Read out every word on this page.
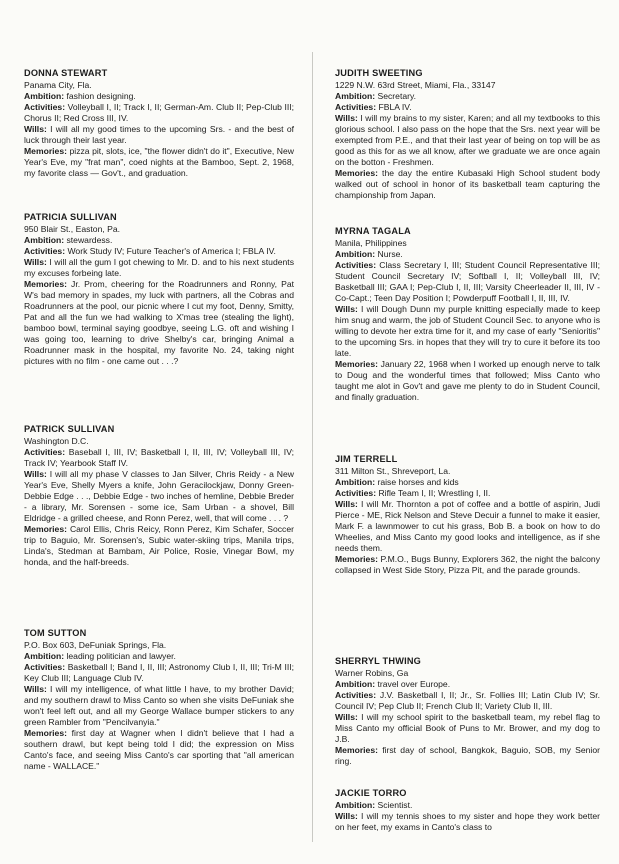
DONNA STEWART
Panama City, Fla.
Ambition: fashion designing.
Activities: Volleyball I, II; Track I, II; German-Am. Club II; Pep-Club III; Chorus II; Red Cross III, IV.
Wills: I will all my good times to the upcoming Srs. - and the best of luck through their last year.
Memories: pizza pit, slots, ice, "the flower didn't do it", Executive, New Year's Eve, my "frat man", coed nights at the Bamboo, Sept. 2, 1968, my favorite class — Gov't., and graduation.
PATRICIA SULLIVAN
950 Blair St., Easton, Pa.
Ambition: stewardess.
Activities: Work Study IV; Future Teacher's of America I; FBLA IV.
Wills: I will all the gum I got chewing to Mr. D. and to his next students my excuses forbeing late.
Memories: Jr. Prom, cheering for the Roadrunners and Ronny, Pat W's bad memory in spades, my luck with partners, all the Cobras and Roadrunners at the pool, our picnic where I cut my foot, Denny, Smitty, Pat and all the fun we had walking to X'mas tree (stealing the light), bamboo bowl, terminal saying goodbye, seeing L.G. oft and wishing I was going too, learning to drive Shelby's car, bringing Animal a Roadrunner mask in the hospital, my favorite No. 24, taking night pictures with no film - one came out . . .?
PATRICK SULLIVAN
Washington D.C.
Activities: Baseball I, III, IV; Basketball I, II, III, IV; Volleyball III, IV; Track IV; Yearbook Staff IV.
Wills: I will all my phase V classes to Jan Silver, Chris Reidy - a New Year's Eve, Shelly Myers a knife, John Geracilockjaw, Donny Green-Debbie Edge . . ., Debbie Edge - two inches of hemline, Debbie Breder - a library, Mr. Sorensen - some ice, Sam Urban - a shovel, Bill Eldridge - a grilled cheese, and Ronn Perez, well, that will come . . . ?
Memories: Carol Ellis, Chris Reicy, Ronn Perez, Kim Schafer, Soccer trip to Baguio, Mr. Sorensen's, Subic water-skiing trips, Manila trips, Linda's, Stedman at Bambam, Air Police, Rosie, Vinegar Bowl, my honda, and the half-breeds.
TOM SUTTON
P.O. Box 603, DeFuniak Springs, Fla.
Ambition: leading politician and lawyer.
Activities: Basketball I; Band I, II, III; Astronomy Club I, II, III; Tri-M III; Key Club III; Language Club IV.
Wills: I will my intelligence, of what little I have, to my brother David; and my southern drawl to Miss Canto so when she visits DeFuniak she won't feel left out, and all my George Wallace bumper stickers to any green Rambler from "Pencilvanyia."
Memories: first day at Wagner when I didn't believe that I had a southern drawl, but kept being told I did; the expression on Miss Canto's face, and seeing Miss Canto's car sporting that "all american name - WALLACE."
JUDITH SWEETING
1229 N.W. 63rd Street, Miami, Fla., 33147
Ambition: Secretary.
Activities: FBLA IV.
Wills: I will my brains to my sister, Karen; and all my textbooks to this glorious school. I also pass on the hope that the Srs. next year will be exempted from P.E., and that their last year of being on top will be as good as this for as we all know, after we graduate we are once again on the botton - Freshmen.
Memories: the day the entire Kubasaki High School student body walked out of school in honor of its basketball team capturing the championship from Japan.
MYRNA TAGALA
Manila, Philippines
Ambition: Nurse.
Activities: Class Secretary I, III; Student Council Representative III; Student Council Secretary IV; Softball I, II; Volleyball III, IV; Basketball III; GAA I; Pep-Club I, II, III; Varsity Cheerleader II, III, IV - Co-Capt.; Teen Day Position I; Powderpuff Football I, II, III, IV.
Wills: I will Dough Dunn my purple knitting especially made to keep him snug and warm, the job of Student Council Sec. to anyone who is willing to devote her extra time for it, and my case of early "Senioritis" to the upcoming Srs. in hopes that they will try to cure it before its too late.
Memories: January 22, 1968 when I worked up enough nerve to talk to Doug and the wonderful times that followed; Miss Canto who taught me alot in Gov't and gave me plenty to do in Student Council, and finally graduation.
JIM TERRELL
311 Milton St., Shreveport, La.
Ambition: raise horses and kids
Activities: Rifle Team I, II; Wrestling I, II.
Wills: I will Mr. Thornton a pot of coffee and a bottle of aspirin, Judi Pierce - ME, Rick Nelson and Steve Decuir a funnel to make it easier, Mark F. a lawnmower to cut his grass, Bob B. a book on how to do Wheelies, and Miss Canto my good looks and intelligence, as if she needs them.
Memories: P.M.O., Bugs Bunny, Explorers 362, the night the balcony collapsed in West Side Story, Pizza Pit, and the parade grounds.
SHERRYL THWING
Warner Robins, Ga
Ambition: travel over Europe.
Activities: J.V. Basketball I, II; Jr., Sr. Follies III; Latin Club IV; Sr. Council IV; Pep Club II; French Club II; Variety Club II, III.
Wills: I will my school spirit to the basketball team, my rebel flag to Miss Canto my official Book of Puns to Mr. Brower, and my dog to J.B.
Memories: first day of school, Bangkok, Baguio, SOB, my Senior ring.
JACKIE TORRO
Ambition: Scientist.
Wills: I will my tennis shoes to my sister and hope they work better on her feet, my exams in Canto's class to
